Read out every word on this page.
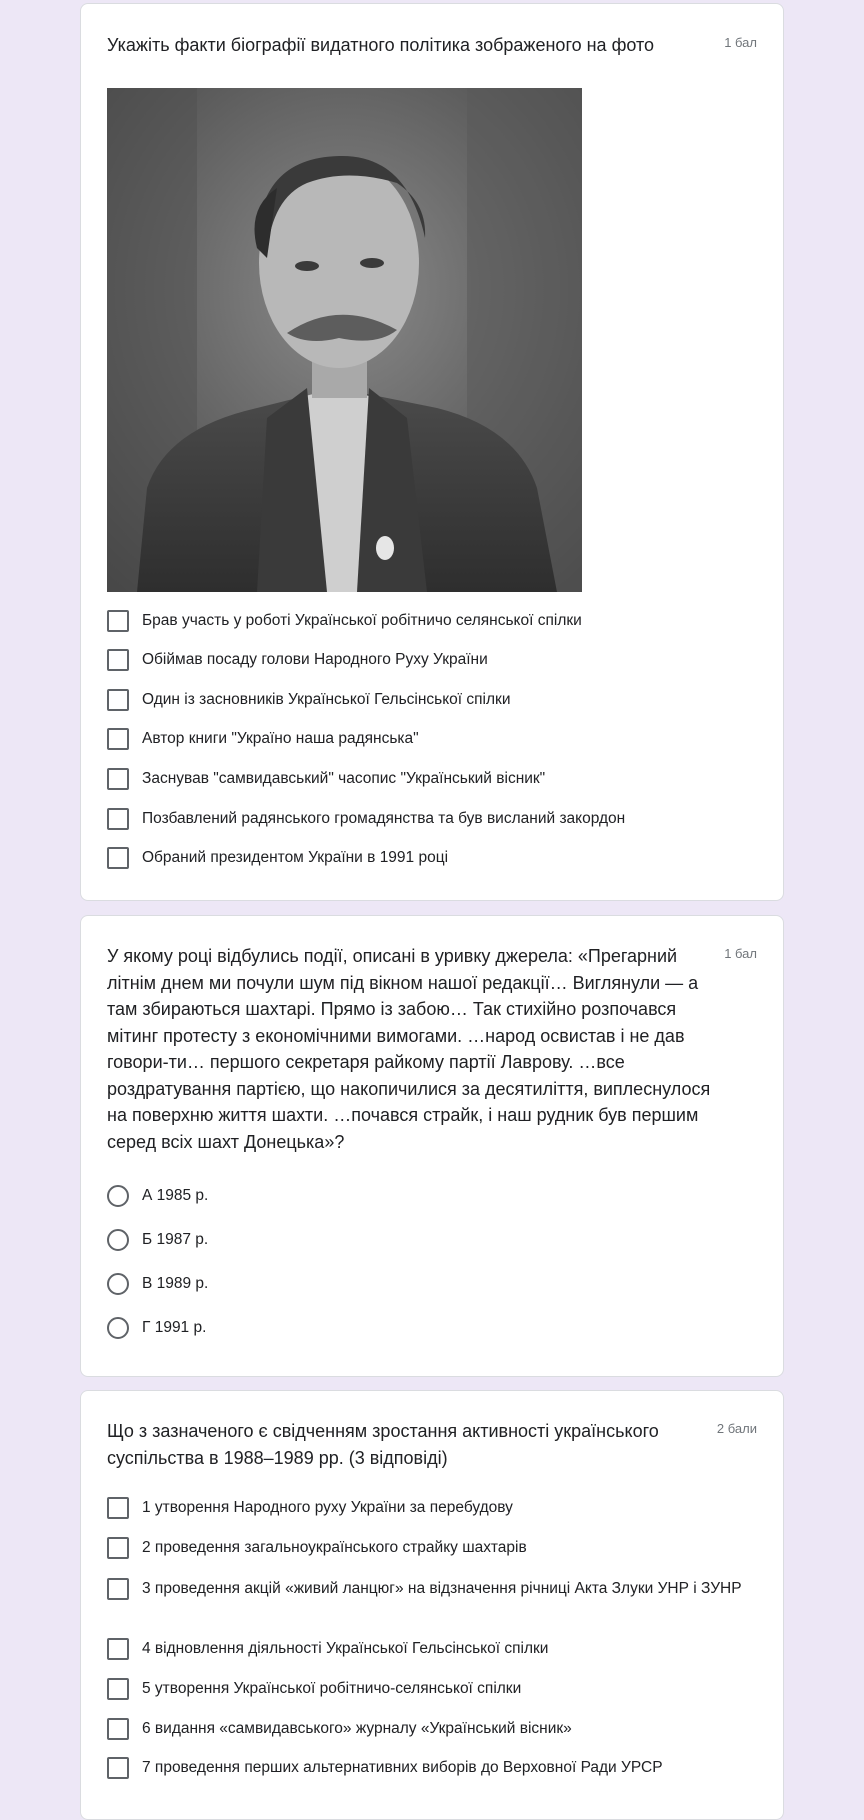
Укажіть факти біографії видатного політика зображеного на фото	1 бал
Брав участь у роботі Української робітничо селянської спілки
Обіймав посаду голови Народного Руху України
Один із засновників Української Гельсінської спілки
Автор книги "Україно наша радянська"
Заснував "самвидавський" часопис "Український вісник"
Позбавлений радянського громадянства та був висланий закордон
Обраний президентом України в 1991 році
У якому році відбулись події, описані в уривку джерела: «Прегарний літнім днем ми почули шум під вікном нашої редакції… Виглянули — а там збираються шахтарі. Прямо із забою… Так стихійно розпочався мітинг протесту з економічними вимогами. …народ освистав і не дав говори-ти… першого секретаря райкому партії Лаврову. …все роздратування партією, що накопичилися за десятиліття, виплеснулося на поверхню життя шахти. …почався страйк, і наш рудник був першим серед всіх шахт Донецька»?
1 бал
А 1985 р.
Б 1987 р.
В 1989 р.
Г 1991 р.
Що з зазначеного є свідченням зростання активності українського суспільства в 1988–1989 рр. (3 відповіді)
2 бали
1 утворення Народного руху України за перебудову
2 проведення загальноукраїнського страйку шахтарів
3 проведення акцій «живий ланцюг» на відзначення річниці Акта Злуки УНР і ЗУНР
4 відновлення діяльності Української Гельсінської спілки
5 утворення Української робітничо-селянської спілки
6 видання «самвидавського» журналу «Український вісник»
7 проведення перших альтернативних виборів до Верховної Ради УРСР
